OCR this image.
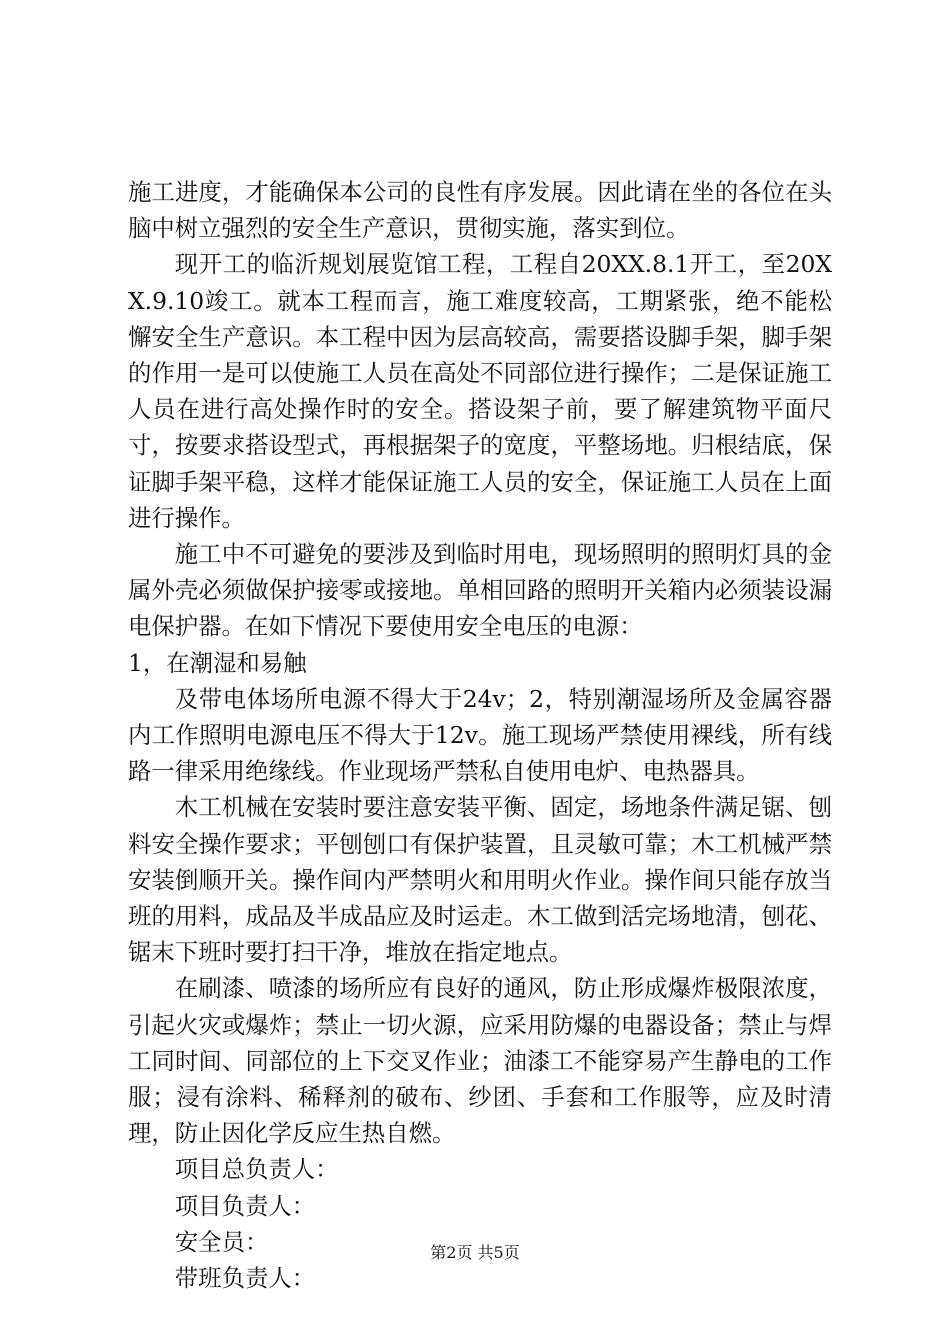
施工进度，才能确保本公司的良性有序发展。因此请在坐的各位在头脑中树立强烈的安全生产意识，贯彻实施，落实到位。

现开工的临沂规划展览馆工程，工程自20XX.8.1开工，至20XX.9.10竣工。就本工程而言，施工难度较高，工期紧张，绝不能松懈安全生产意识。本工程中因为层高较高，需要搭设脚手架，脚手架的作用一是可以使施工人员在高处不同部位进行操作；二是保证施工人员在进行高处操作时的安全。搭设架子前，要了解建筑物平面尺寸，按要求搭设型式，再根据架子的宽度，平整场地。归根结底，保证脚手架平稳，这样才能保证施工人员的安全，保证施工人员在上面进行操作。

施工中不可避免的要涉及到临时用电，现场照明的照明灯具的金属外壳必须做保护接零或接地。单相回路的照明开关箱内必须装设漏电保护器。在如下情况下要使用安全电压的电源：

1，在潮湿和易触

及带电体场所电源不得大于24v；2，特别潮湿场所及金属容器内工作照明电源电压不得大于12v。施工现场严禁使用裸线，所有线路一律采用绝缘线。作业现场严禁私自使用电炉、电热器具。

木工机械在安装时要注意安装平衡、固定，场地条件满足锯、刨料安全操作要求；平刨刨口有保护装置，且灵敏可靠；木工机械严禁安装倒顺开关。操作间内严禁明火和用明火作业。操作间只能存放当班的用料，成品及半成品应及时运走。木工做到活完场地清，刨花、锯末下班时要打扫干净，堆放在指定地点。

在刷漆、喷漆的场所应有良好的通风，防止形成爆炸极限浓度，引起火灾或爆炸；禁止一切火源，应采用防爆的电器设备；禁止与焊工同时间、同部位的上下交叉作业；油漆工不能穿易产生静电的工作服；浸有涂料、稀释剂的破布、纱团、手套和工作服等，应及时清理，防止因化学反应生热自燃。

项目总负责人：

项目负责人：

安全员：

带班负责人：

第2页 共5页
